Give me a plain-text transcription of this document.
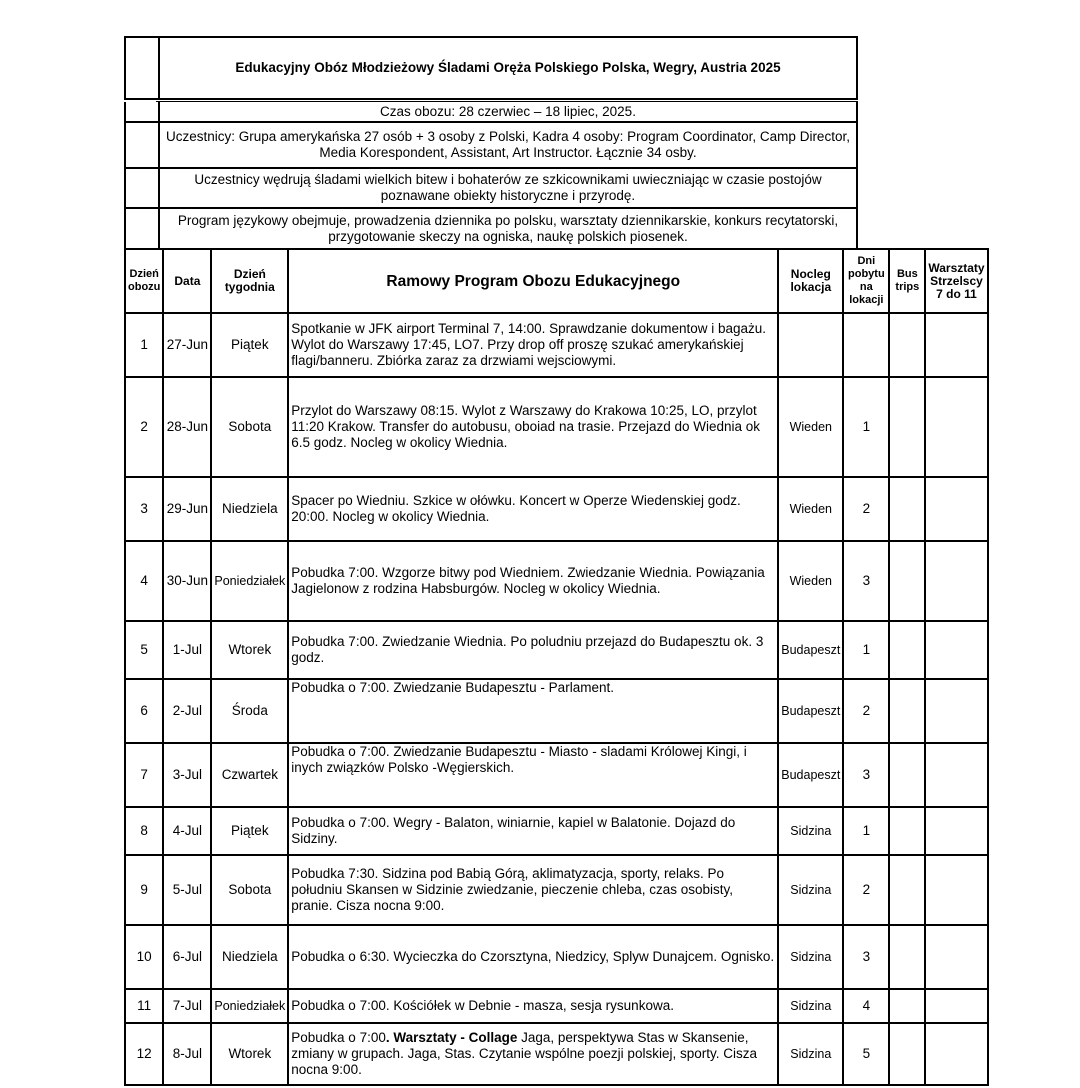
Edukacyjny Obóz Młodzieżowy Śladami Oręża Polskiego Polska, Wegry, Austria 2025
Czas obozu: 28 czerwiec – 18 lipiec, 2025.
Uczestnicy: Grupa amerykańska 27 osób + 3 osoby z Polski, Kadra 4 osoby: Program Coordinator, Camp Director, Media Korespondent, Assistant, Art Instructor. Łącznie 34 osby.
Uczestnicy wędrują śladami wielkich bitew i bohaterów ze szkicownikami uwieczniając w czasie postojów poznawane obiekty historyczne i przyrodę.
Program językowy obejmuje, prowadzenia dziennika po polsku, warsztaty dziennikarskie, konkurs recytatorski, przygotowanie skeczy na ogniska, naukę polskich piosenek.
Dzień obozu	Data	Dzień tygodnia	Ramowy Program Obozu Edukacyjnego	Nocleg lokacja	Dni pobytu na lokacji	Bus trips	Warsztaty Strzelscy 7 do 11
1	27-Jun	Piątek	Spotkanie w JFK airport Terminal 7, 14:00. Sprawdzanie dokumentow i bagażu. Wylot do Warszawy 17:45, LO7. Przy drop off proszę szukać amerykańskiej flagi/banneru. Zbiórka zaraz za drzwiami wejsciowymi.				
2	28-Jun	Sobota	Przylot do Warszawy 08:15. Wylot z Warszawy do Krakowa 10:25, LO, przylot 11:20 Krakow. Transfer do autobusu, oboiad na trasie. Przejazd do Wiednia ok 6.5 godz. Nocleg w okolicy Wiednia.	Wieden	1		
3	29-Jun	Niedziela	Spacer po Wiedniu. Szkice w ołówku. Koncert w Operze Wiedenskiej godz. 20:00. Nocleg w okolicy Wiednia.	Wieden	2		
4	30-Jun	Poniedziałek	Pobudka 7:00. Wzgorze bitwy pod Wiedniem. Zwiedzanie Wiednia. Powiązania Jagielonow z rodzina Habsburgów. Nocleg w okolicy Wiednia.	Wieden	3		
5	1-Jul	Wtorek	Pobudka 7:00. Zwiedzanie Wiednia. Po poludniu przejazd do Budapesztu ok. 3 godz.	Budapeszt	1		
6	2-Jul	Środa	Pobudka o 7:00. Zwiedzanie Budapesztu - Parlament.	Budapeszt	2		
7	3-Jul	Czwartek	Pobudka o 7:00. Zwiedzanie Budapesztu - Miasto - sladami Królowej Kingi, i inych związków Polsko -Węgierskich.	Budapeszt	3		
8	4-Jul	Piątek	Pobudka o 7:00. Wegry - Balaton, winiarnie, kapiel w Balatonie. Dojazd do Sidziny.	Sidzina	1		
9	5-Jul	Sobota	Pobudka 7:30. Sidzina pod Babią Górą, aklimatyzacja, sporty, relaks. Po południu Skansen w Sidzinie zwiedzanie, pieczenie chleba, czas osobisty, pranie. Cisza nocna 9:00.	Sidzina	2		
10	6-Jul	Niedziela	Pobudka o 6:30. Wycieczka do Czorsztyna, Niedzicy, Splyw Dunajcem. Ognisko.	Sidzina	3		
11	7-Jul	Poniedziałek	Pobudka o 7:00. Kościółek w Debnie - masza, sesja rysunkowa.	Sidzina	4		
12	8-Jul	Wtorek	Pobudka o 7:00. Warsztaty - Collage Jaga, perspektywa Stas w Skansenie, zmiany w grupach. Jaga, Stas. Czytanie wspólne poezji polskiej, sporty. Cisza nocna 9:00.	Sidzina	5		
